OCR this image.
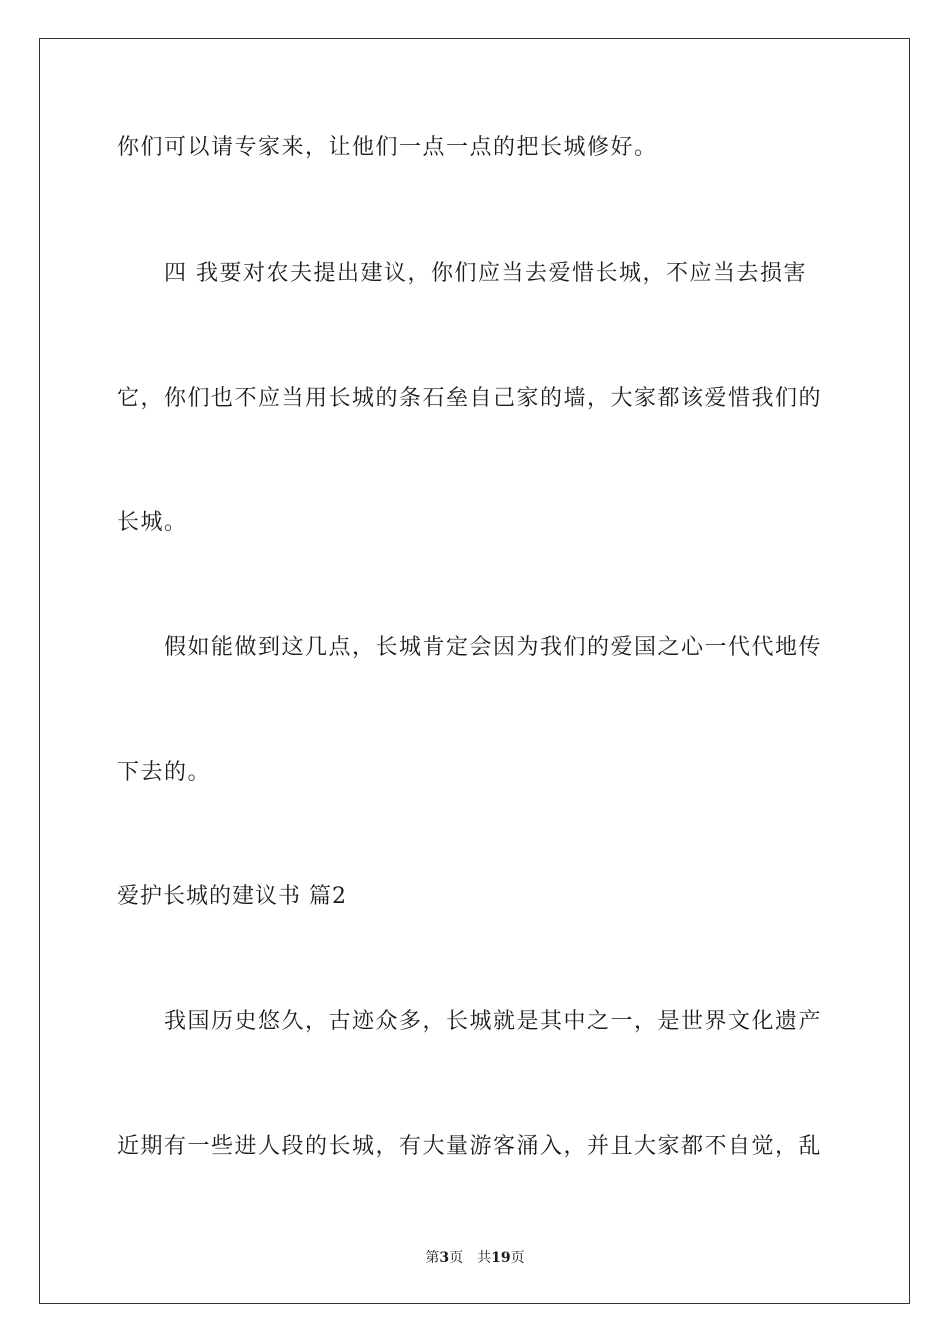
你们可以请专家来，让他们一点一点的把长城修好。
　　四 我要对农夫提出建议，你们应当去爱惜长城，不应当去损害
它，你们也不应当用长城的条石垒自己家的墙，大家都该爱惜我们的
长城。
　　假如能做到这几点，长城肯定会因为我们的爱国之心一代代地传
下去的。
爱护长城的建议书 篇2
　　我国历史悠久，古迹众多，长城就是其中之一，是世界文化遗产
近期有一些进人段的长城，有大量游客涌入，并且大家都不自觉，乱
第3页 共19页
